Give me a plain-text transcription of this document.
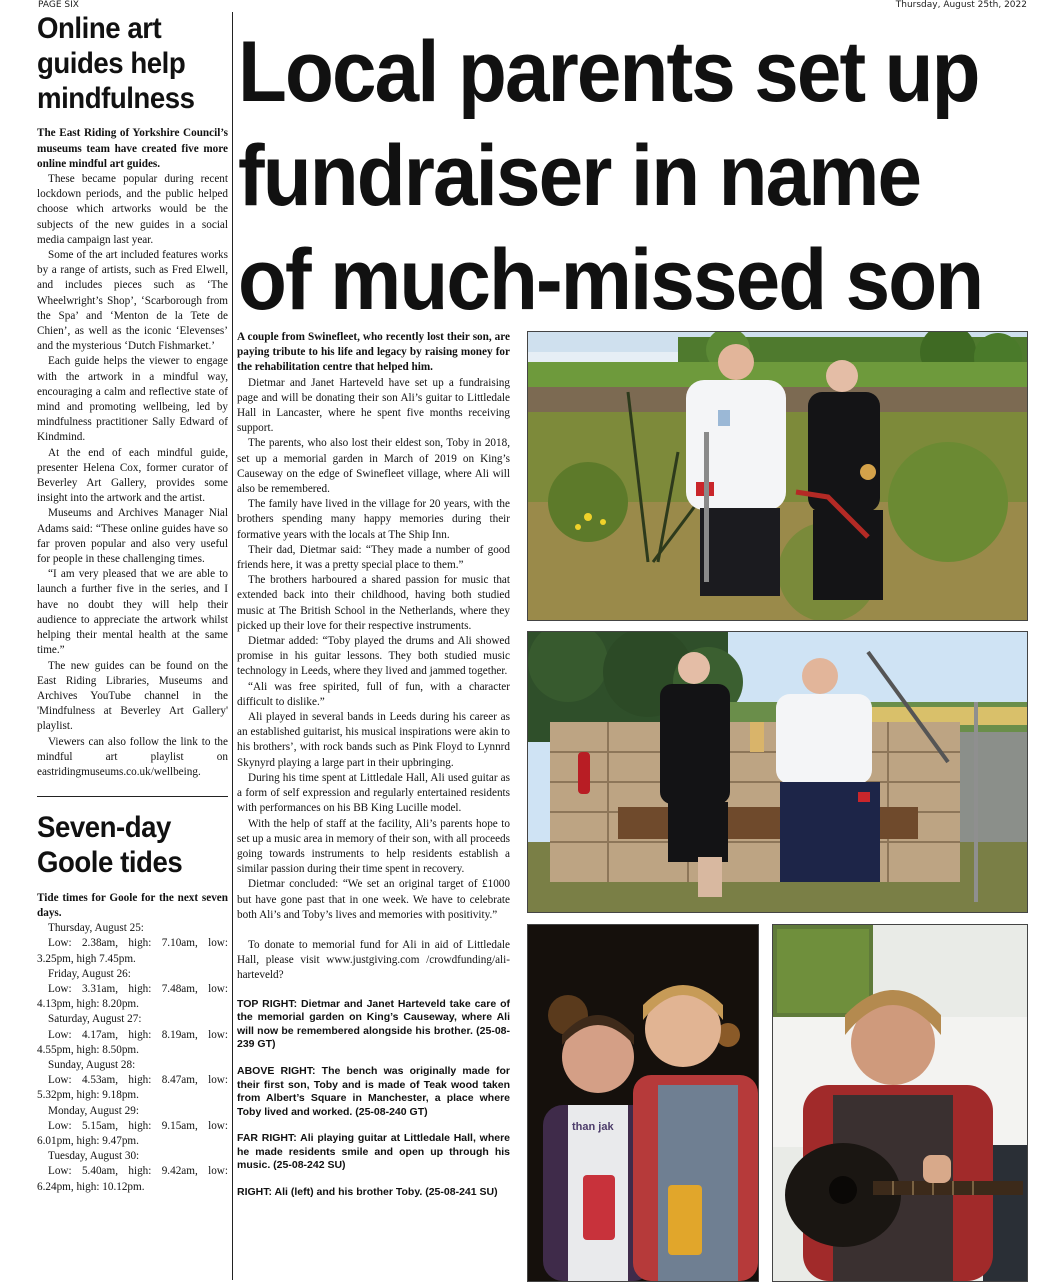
PAGE SIX	Thursday, August 25th, 2022
Online art guides help mindfulness

The East Riding of Yorkshire Council’s museums team have created five more online mindful art guides.

These became popular during recent lockdown periods, and the public helped choose which artworks would be the subjects of the new guides in a social media campaign last year.

Some of the art included features works by a range of artists, such as Fred Elwell, and includes pieces such as ‘The Wheelwright’s Shop’, ‘Scarborough from the Spa’ and ‘Menton de la Tete de Chien’, as well as the iconic ‘Elevenses’ and the mysterious ‘Dutch Fishmarket.’

Each guide helps the viewer to engage with the artwork in a mindful way, encouraging a calm and reflective state of mind and promoting wellbeing, led by mindfulness practitioner Sally Edward of Kindmind.

At the end of each mindful guide, presenter Helena Cox, former curator of Beverley Art Gallery, provides some insight into the artwork and the artist.

Museums and Archives Manager Nial Adams said: “These online guides have so far proven popular and also very useful for people in these challenging times.

“I am very pleased that we are able to launch a further five in the series, and I have no doubt they will help their audience to appreciate the artwork whilst helping their mental health at the same time.”

The new guides can be found on the East Riding Libraries, Museums and Archives YouTube channel in the 'Mindfulness at Beverley Art Gallery' playlist.

Viewers can also follow the link to the mindful art playlist on eastridingmuseums.co.uk/wellbeing.

Seven-day Goole tides

Tide times for Goole for the next seven days.

Thursday, August 25:

Low: 2.38am, high: 7.10am, low: 3.25pm, high 7.45pm.

Friday, August 26:

Low: 3.31am, high: 7.48am, low: 4.13pm, high: 8.20pm.

Saturday, August 27:

Low: 4.17am, high: 8.19am, low: 4.55pm, high: 8.50pm.

Sunday, August 28:

Low: 4.53am, high: 8.47am, low: 5.32pm, high: 9.18pm.

Monday, August 29:

Low: 5.15am, high: 9.15am, low: 6.01pm, high: 9.47pm.

Tuesday, August 30:

Low: 5.40am, high: 9.42am, low: 6.24pm, high: 10.12pm.

Local parents set up
fundraiser in name
of much-missed son

A couple from Swinefleet, who recently lost their son, are paying tribute to his life and legacy by raising money for the rehabilitation centre that helped him.

Dietmar and Janet Harteveld have set up a fundraising page and will be donating their son Ali’s guitar to Littledale Hall in Lancaster, where he spent five months receiving support.

The parents, who also lost their eldest son, Toby in 2018, set up a memorial garden in March of 2019 on King’s Causeway on the edge of Swinefleet village, where Ali will also be remembered.

The family have lived in the village for 20 years, with the brothers spending many happy memories during their formative years with the locals at The Ship Inn.

Their dad, Dietmar said: “They made a number of good friends here, it was a pretty special place to them.”

The brothers harboured a shared passion for music that extended back into their childhood, having both studied music at The British School in the Netherlands, where they picked up their love for their respective instruments.

Dietmar added: “Toby played the drums and Ali showed promise in his guitar lessons. They both studied music technology in Leeds, where they lived and jammed together.

“Ali was free spirited, full of fun, with a character difficult to dislike.”

Ali played in several bands in Leeds during his career as an established guitarist, his musical inspirations were akin to his brothers’, with rock bands such as Pink Floyd to Lynnrd Skynyrd playing a large part in their upbringing.

During his time spent at Littledale Hall, Ali used guitar as a form of self expression and regularly entertained residents with performances on his BB King Lucille model.

With the help of staff at the facility, Ali’s parents hope to set up a music area in memory of their son, with all proceeds going towards instruments to help residents establish a similar passion during their time spent in recovery.

Dietmar concluded: “We set an original target of £1000 but have gone past that in one week. We have to celebrate both Ali’s and Toby’s lives and memories with positivity.”

To donate to memorial fund for Ali in aid of Littledale Hall, please visit www.justgiving.com /crowdfunding/ali-harteveld?

TOP RIGHT: Dietmar and Janet Harteveld take care of the memorial garden on King’s Causeway, where Ali will now be remembered alongside his brother. (25-08-239 GT)

ABOVE RIGHT: The bench was originally made for their first son, Toby and is made of Teak wood taken from Albert’s Square in Manchester, a place where Toby lived and worked. (25-08-240 GT)

FAR RIGHT: Ali playing guitar at Littledale Hall, where he made residents smile and open up through his music. (25-08-242 SU)

RIGHT: Ali (left) and his brother Toby. (25-08-241 SU)

than jak
